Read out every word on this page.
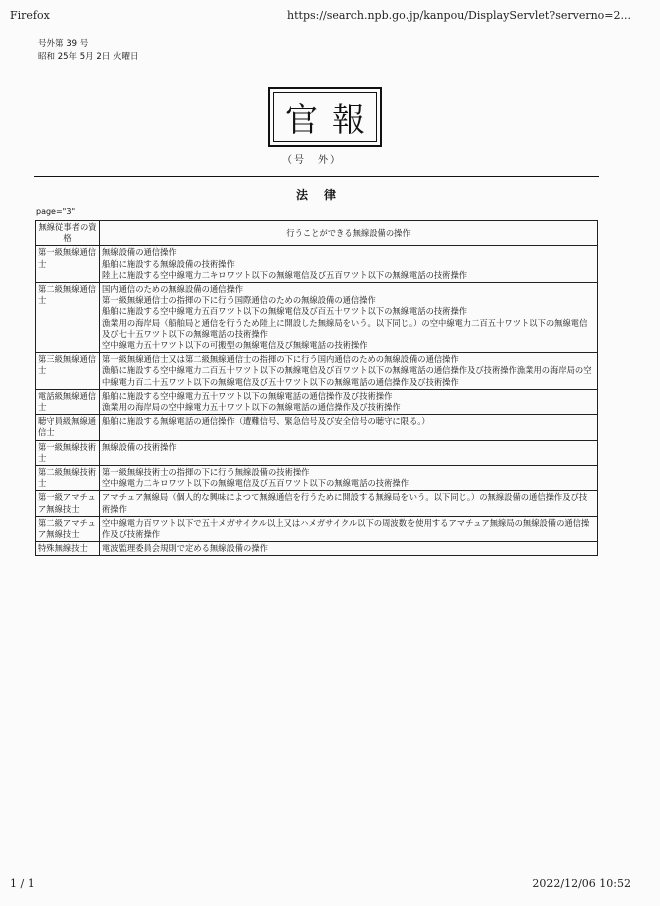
Firefox	https://search.npb.go.jp/kanpou/DisplayServlet?serverno=2...
1 / 1	2022/12/06 10:52
号外第 39 号
昭和 25年 5月 2日 火曜日
官報
（号　外）
法　律
page="3"
無線従事者の資格	行うことができる無線設備の操作
第一級無線通信士	無線設備の通信操作
船舶に施設する無線設備の技術操作
陸上に施設する空中線電力二キロワツト以下の無線電信及び五百ワツト以下の無線電話の技術操作

第二級無線通信士	国内通信のための無線設備の通信操作
第一級無線通信士の指揮の下に行う国際通信のための無線設備の通信操作
船舶に施設する空中線電力五百ワツト以下の無線電信及び百五十ワツト以下の無線電話の技術操作
漁業用の海岸局（船舶局と通信を行うため陸上に開設した無線局をいう。以下同じ。）の空中線電力二百五十ワツト以下の無線電信及び七十五ワツト以下の無線電話の技術操作
空中線電力五十ワツト以下の可搬型の無線電信及び無線電話の技術操作

第三級無線通信士	第一級無線通信士又は第二級無線通信士の指揮の下に行う国内通信のための無線設備の通信操作
漁船に施設する空中線電力二百五十ワツト以下の無線電信及び百ワツト以下の無線電話の通信操作及び技術操作漁業用の海岸局の空中線電力百二十五ワツト以下の無線電信及び五十ワツト以下の無線電話の通信操作及び技術操作

電話級無線通信士	船舶に施設する空中線電力五十ワツト以下の無線電話の通信操作及び技術操作
漁業用の海岸局の空中線電力五十ワツト以下の無線電話の通信操作及び技術操作

聴守員級無線通信士	船舶に施設する無線電話の通信操作（遭難信号、緊急信号及び安全信号の聴守に限る。）

第一級無線技術士	無線設備の技術操作

第二級無線技術士	第一級無線技術士の指揮の下に行う無線設備の技術操作
空中線電力二キロワツト以下の無線電信及び五百ワツト以下の無線電話の技術操作

第一級アマチュア無線技士	アマチュア無線局（個人的な興味によつて無線通信を行うために開設する無線局をいう。以下同じ。）の無線設備の通信操作及び技術操作

第二級アマチュア無線技士	空中線電力百ワツト以下で五十メガサイクル以上又はハメガサイクル以下の周波数を使用するアマチュア無線局の無線設備の通信操作及び技術操作

特殊無線技士	電波監理委員会規則で定める無線設備の操作
